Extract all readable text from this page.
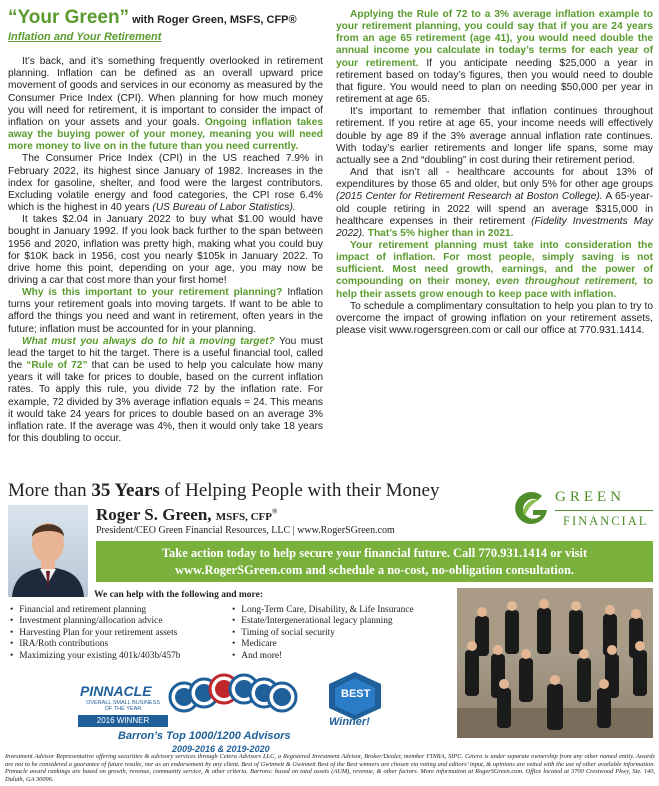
“Your Green” with Roger Green, MSFS, CFP®

Inflation and Your Retirement

It’s back, and it’s something frequently overlooked in retirement planning. Inflation can be defined as an overall upward price movement of goods and services in our economy as measured by the Consumer Price Index (CPI). When planning for how much money you will need for retirement, it is important to consider the impact of inflation on your assets and your goals. Ongoing inflation takes away the buying power of your money, meaning you will need more money to live on in the future than you need currently.

The Consumer Price Index (CPI) in the US reached 7.9% in February 2022, its highest since January of 1982. Increases in the index for gasoline, shelter, and food were the largest contributors. Excluding volatile energy and food categories, the CPI rose 6.4% which is the highest in 40 years (US Bureau of Labor Statistics).

It takes $2.04 in January 2022 to buy what $1.00 would have bought in January 1992. If you look back further to the span between 1956 and 2020, inflation was pretty high, making what you could buy for $10K back in 1956, cost you nearly $105k in January 2022. To drive home this point, depending on your age, you may now be driving a car that cost more than your first home!

Why is this important to your retirement planning? Inflation turns your retirement goals into moving targets. If want to be able to afford the things you need and want in retirement, often years in the future; inflation must be accounted for in your planning.

What must you always do to hit a moving target? You must lead the target to hit the target. There is a useful financial tool, called the “Rule of 72” that can be used to help you calculate how many years it will take for prices to double, based on the current inflation rates. To apply this rule, you divide 72 by the inflation rate. For example, 72 divided by 3% average inflation equals = 24. This means it would take 24 years for prices to double based on an average 3% inflation rate. If the average was 4%, then it would only take 18 years for this doubling to occur.

Applying the Rule of 72 to a 3% average inflation example to your retirement planning, you could say that if you are 24 years from an age 65 retirement (age 41), you would need double the annual income you calculate in today’s terms for each year of your retirement. If you anticipate needing $25,000 a year in retirement based on today’s figures, then you would need to double that figure. You would need to plan on needing $50,000 per year in retirement at age 65.

It’s important to remember that inflation continues throughout retirement. If you retire at age 65, your income needs will effectively double by age 89 if the 3% average annual inflation rate continues. With today’s earlier retirements and longer life spans, some may actually see a 2nd “doubling” in cost during their retirement period.

And that isn’t all - healthcare accounts for about 13% of expenditures by those 65 and older, but only 5% for other age groups (2015 Center for Retirement Research at Boston College). A 65-year-old couple retiring in 2022 will spend an average $315,000 in healthcare expenses in their retirement (Fidelity Investments May 2022). That’s 5% higher than in 2021.

Your retirement planning must take into consideration the impact of inflation. For most people, simply saving is not sufficient. Most need growth, earnings, and the power of compounding on their money, even throughout retirement, to help their assets grow enough to keep pace with inflation.

To schedule a complimentary consultation to help you plan to try to overcome the impact of growing inflation on your retirement assets, please visit www.rogersgreen.com or call our office at 770.931.1414.

More than 35 Years of Helping People with their Money	GREEN
FINANCIAL
Roger S. Green, MSFS, CFP®
President/CEO Green Financial Resources, LLC | www.RogerSGreen.com
Take action today to help secure your financial future. Call 770.931.1414 or visit
www.RogerSGreen.com and schedule a no-cost, no-obligation consultation.
We can help with the following and more:
• Financial and retirement planning
• Investment planning/allocation advice
• Harvesting Plan for your retirement assets
• IRA/Roth contributions
• Maximizing your existing 401k/403b/457b
• Long-Term Care, Disability, & Life Insurance
• Estate/Intergenerational legacy planning
• Timing of social security
• Medicare
• And more!
PINNACLE
OVERALL SMALL BUSINESS OF THE YEAR
2016 WINNER
BEST
Winner!
Barron’s Top 1000/1200 Advisors
2009-2016 & 2019-2020
Investment Advisor Representative offering securities & advisory services through Cetera Advisors LLC, a Registered Investment Advisor, Broker/Dealer, member FINRA, SIPC. Cetera is under separate ownership from any other named entity. Awards are not to be considered a guarantee of future results, nor as an endorsement by any client. Best of Gwinnett & Gwinnett Best of the Best winners are chosen via voting and editors’ input, & opinions are vetted with the use of other available information. Pinnacle award rankings are based on growth, revenue, community service, & other criteria. Barrons: based on total assets (AUM), revenue, & other factors. More information at RogerSGreen.com. Office located at 3700 Crestwood Pkwy, Ste. 140, Duluth, GA 30096.
